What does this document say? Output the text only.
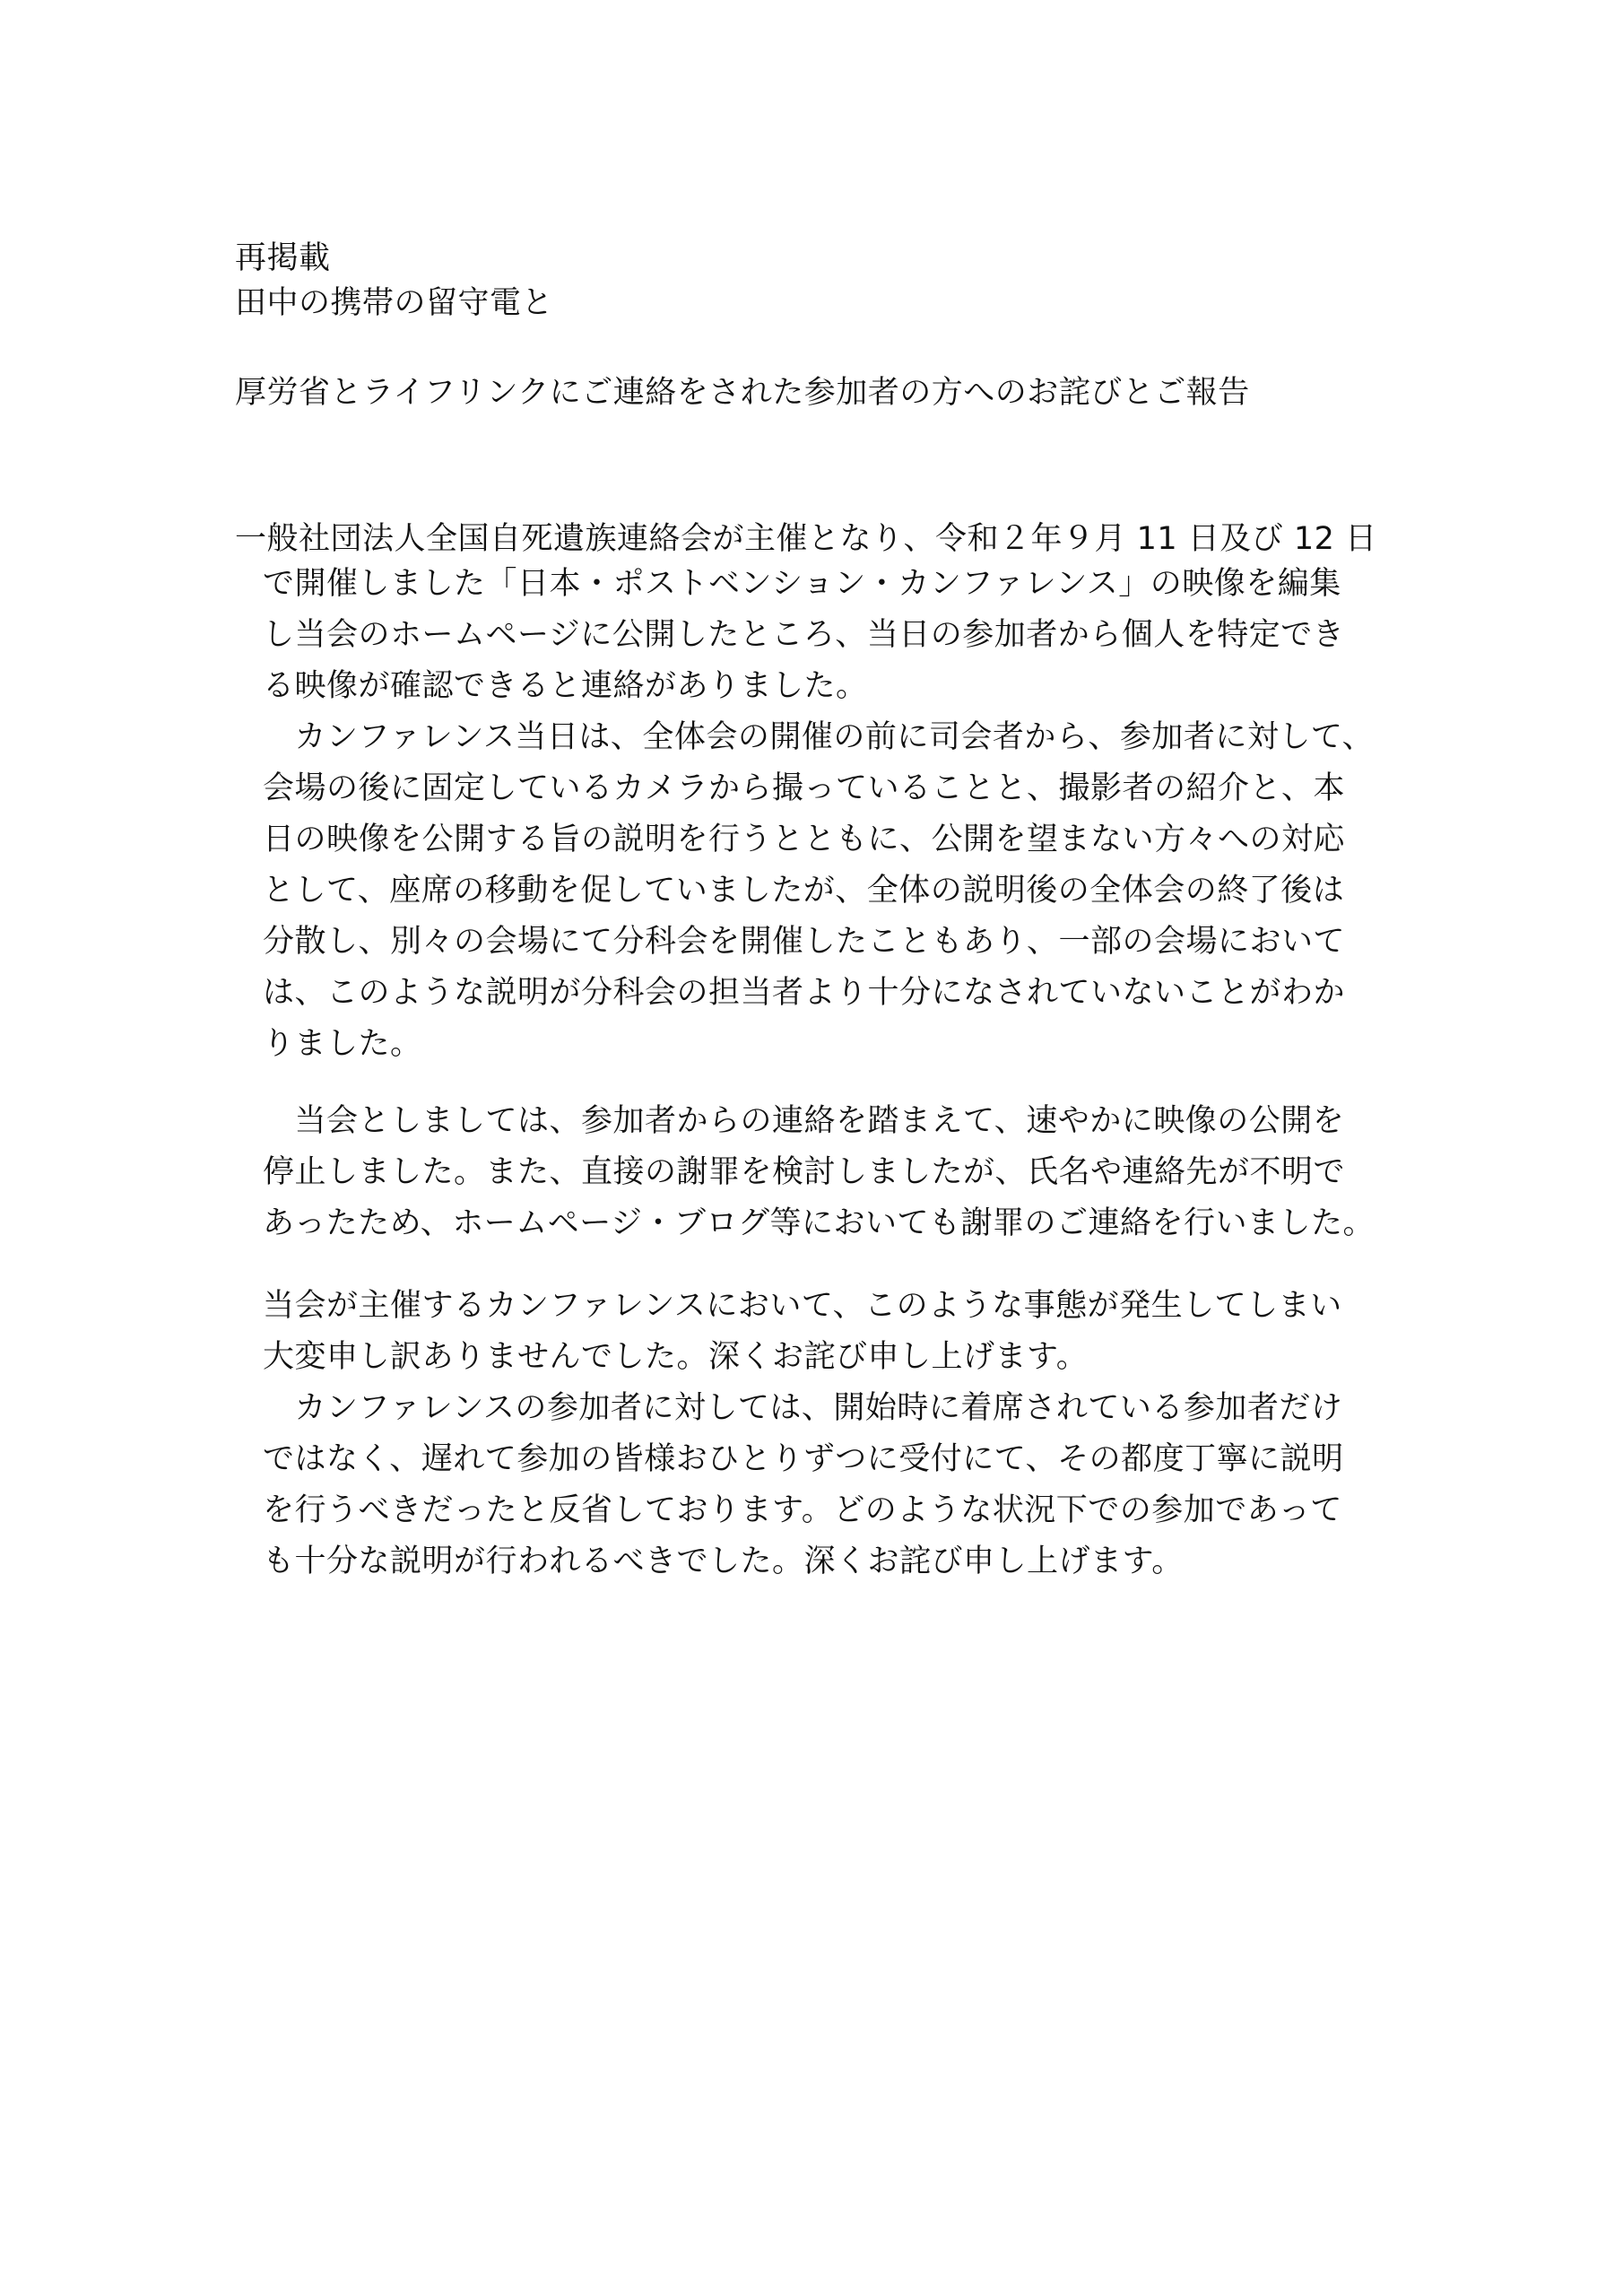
再掲載
田中の携帯の留守電と
厚労省とライフリンクにご連絡をされた参加者の方へのお詫びとご報告
一般社団法人全国自死遺族連絡会が主催となり、令和２年９月 11 日及び 12 日
で開催しました「日本・ポストベンション・カンファレンス」の映像を編集
し当会のホームページに公開したところ、当日の参加者から個人を特定でき
る映像が確認できると連絡がありました。
　カンファレンス当日は、全体会の開催の前に司会者から、参加者に対して、
会場の後に固定しているカメラから撮っていることと、撮影者の紹介と、本
日の映像を公開する旨の説明を行うとともに、公開を望まない方々への対応
として、座席の移動を促していましたが、全体の説明後の全体会の終了後は
分散し、別々の会場にて分科会を開催したこともあり、一部の会場において
は、このような説明が分科会の担当者より十分になされていないことがわか
りました。
　当会としましては、参加者からの連絡を踏まえて、速やかに映像の公開を
停止しました。また、直接の謝罪を検討しましたが、氏名や連絡先が不明で
あったため、ホームページ・ブログ等においても謝罪のご連絡を行いました。
当会が主催するカンファレンスにおいて、このような事態が発生してしまい
大変申し訳ありませんでした。深くお詫び申し上げます。
　カンファレンスの参加者に対しては、開始時に着席されている参加者だけ
ではなく、遅れて参加の皆様おひとりずつに受付にて、その都度丁寧に説明
を行うべきだったと反省しております。どのような状況下での参加であって
も十分な説明が行われるべきでした。深くお詫び申し上げます。
